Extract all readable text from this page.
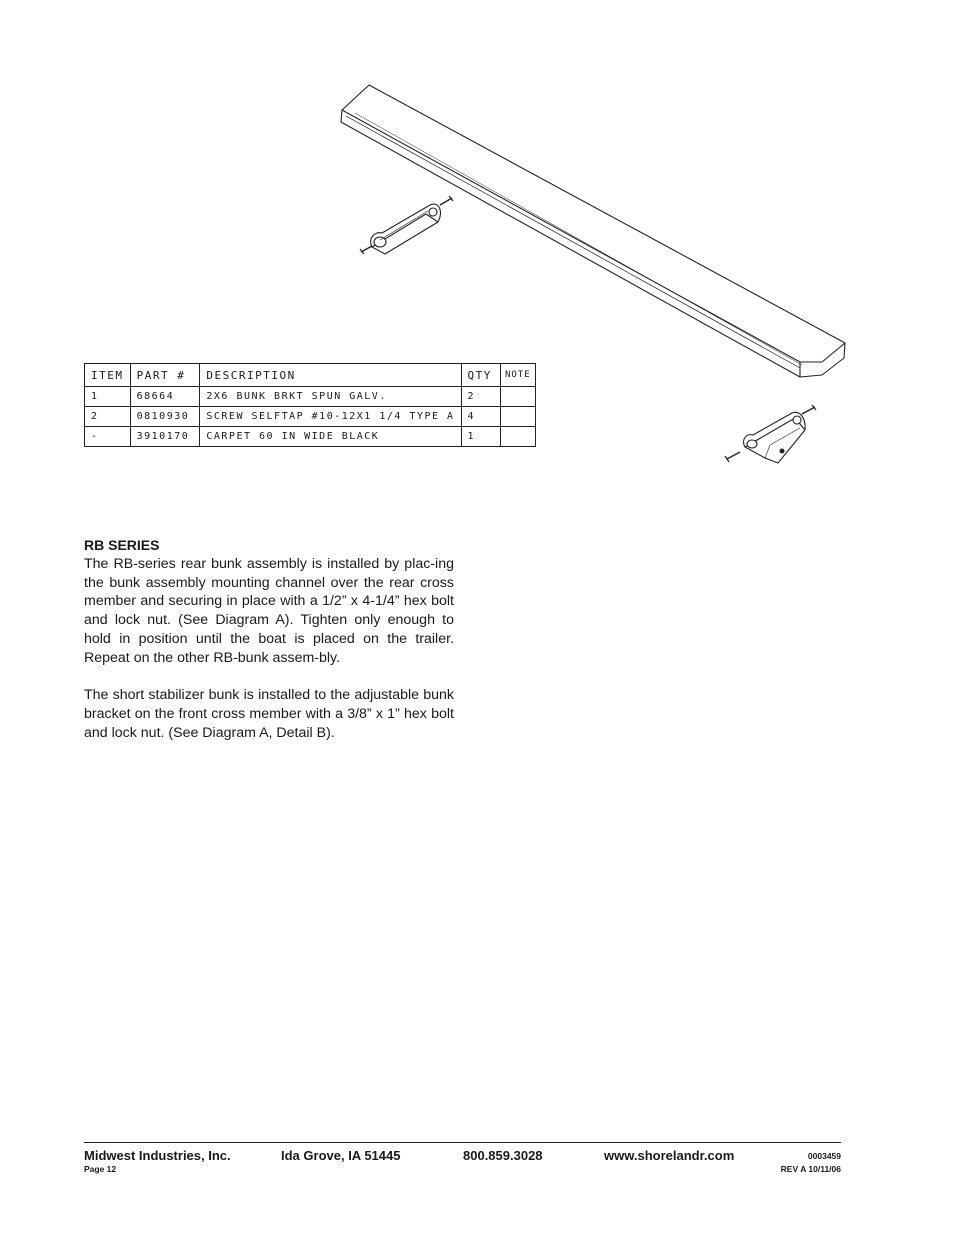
ITEM	PART #	DESCRIPTION	QTY	NOTE
1	68664	2X6 BUNK BRKT SPUN GALV.	2	
2	0810930	SCREW SELFTAP #10-12X1 1/4 TYPE A	4	
-	3910170	CARPET 60 IN WIDE BLACK	1	
RB SERIES

The RB-series rear bunk assembly is installed by plac-ing the bunk assembly mounting channel over the rear cross member and securing in place with a 1/2” x 4-1/4” hex bolt and lock nut. (See Diagram A). Tighten only enough to hold in position until the boat is placed on the trailer. Repeat on the other RB-bunk assem-bly.

The short stabilizer bunk is installed to the adjustable bunk bracket on the front cross member with a 3/8” x 1” hex bolt and lock nut. (See Diagram A, Detail B).

Midwest Industries, Inc.	Ida Grove, IA 51445	800.859.3028	www.shorelandr.com
Page 12
0003459
REV A 10/11/06
